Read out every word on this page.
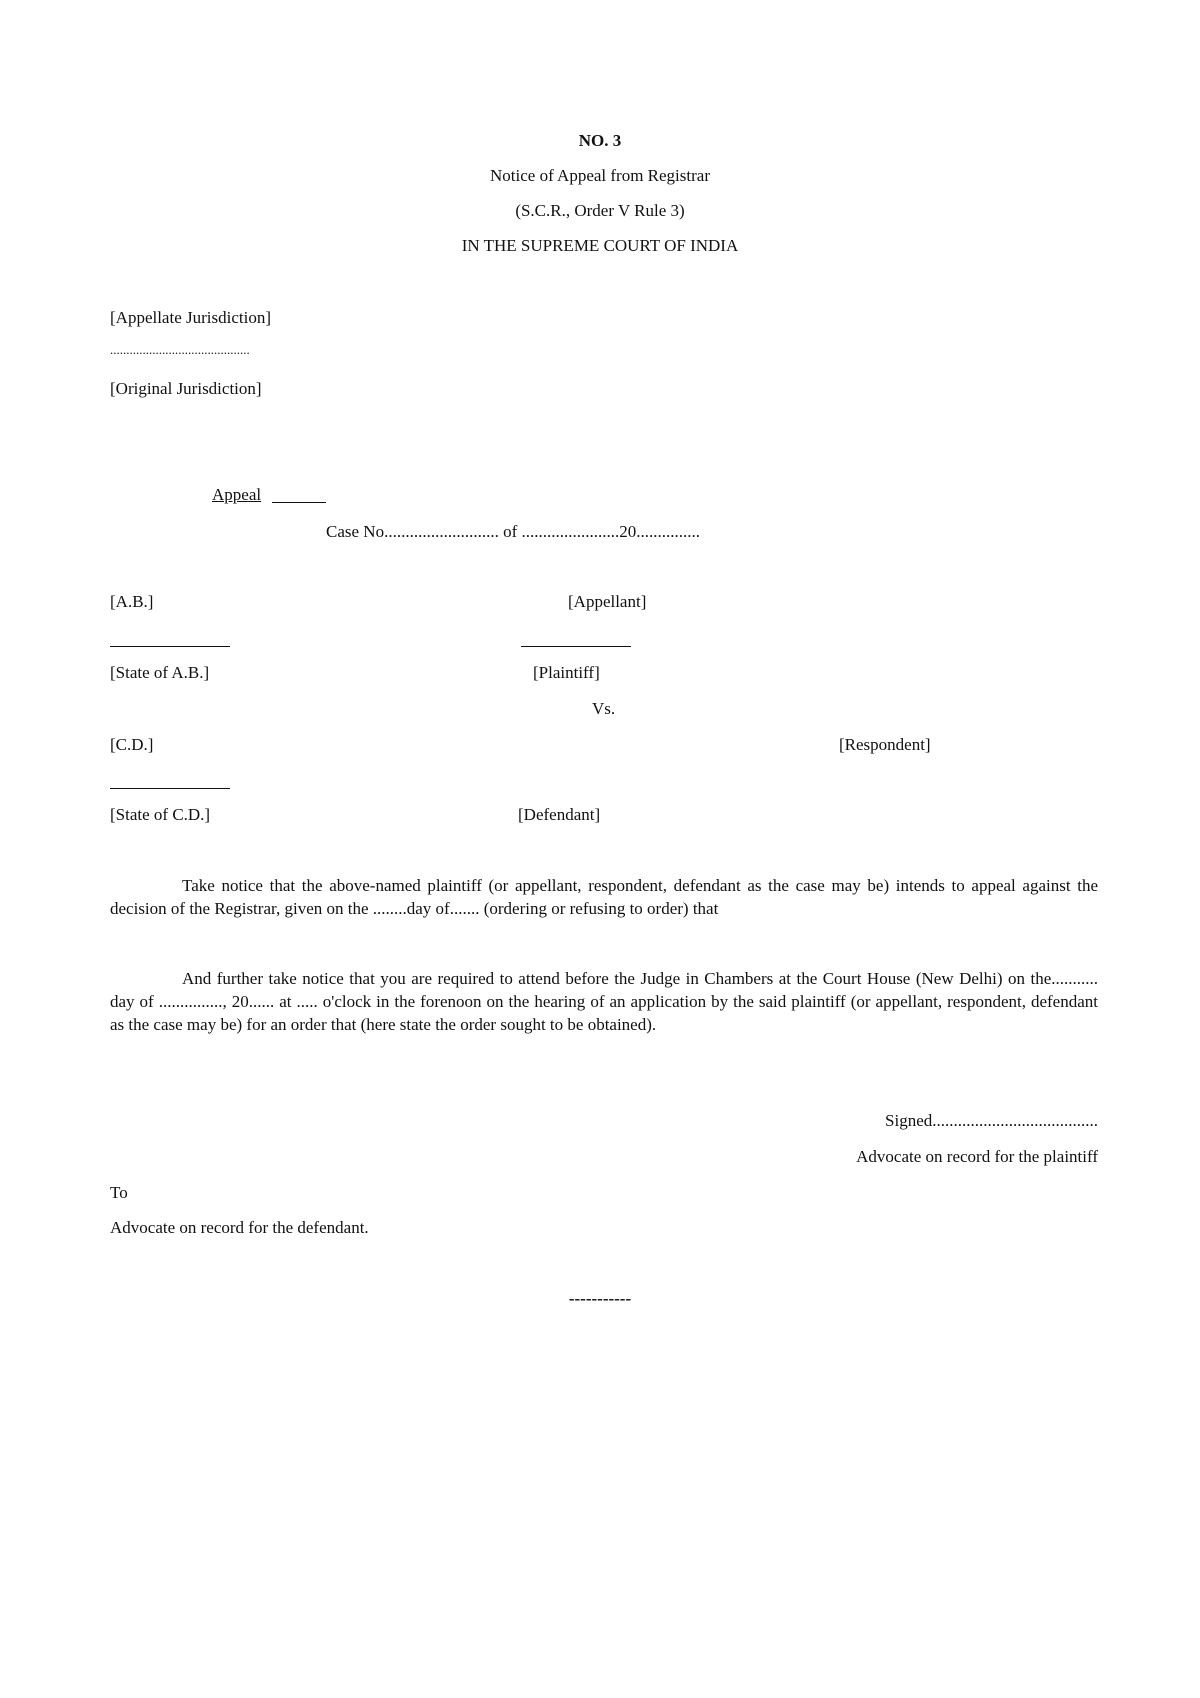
NO. 3
Notice of Appeal from Registrar
(S.C.R., Order V Rule 3)
IN THE SUPREME COURT OF INDIA
[Appellate Jurisdiction]
...........................................
[Original Jurisdiction]
Appeal
Case No........................... of .......................20...............
[A.B.]	[Appellant]
[State of A.B.]	[Plaintiff]
Vs.
[C.D.]	[Respondent]
[State of C.D.]	[Defendant]

Take notice that the above-named plaintiff (or appellant, respondent, defendant as the case may be) intends to appeal against the decision of the Registrar, given on the ........day of....... (ordering or refusing to order) that

And further take notice that you are required to attend before the Judge in Chambers at the Court House (New Delhi) on the........... day of ..............., 20...... at ..... o'clock in the forenoon on the hearing of an application by the said plaintiff (or appellant, respondent, defendant as the case may be) for an order that (here state the order sought to be obtained).

Signed.......................................
Advocate on record for the plaintiff
To
Advocate on record for the defendant.
-----------
